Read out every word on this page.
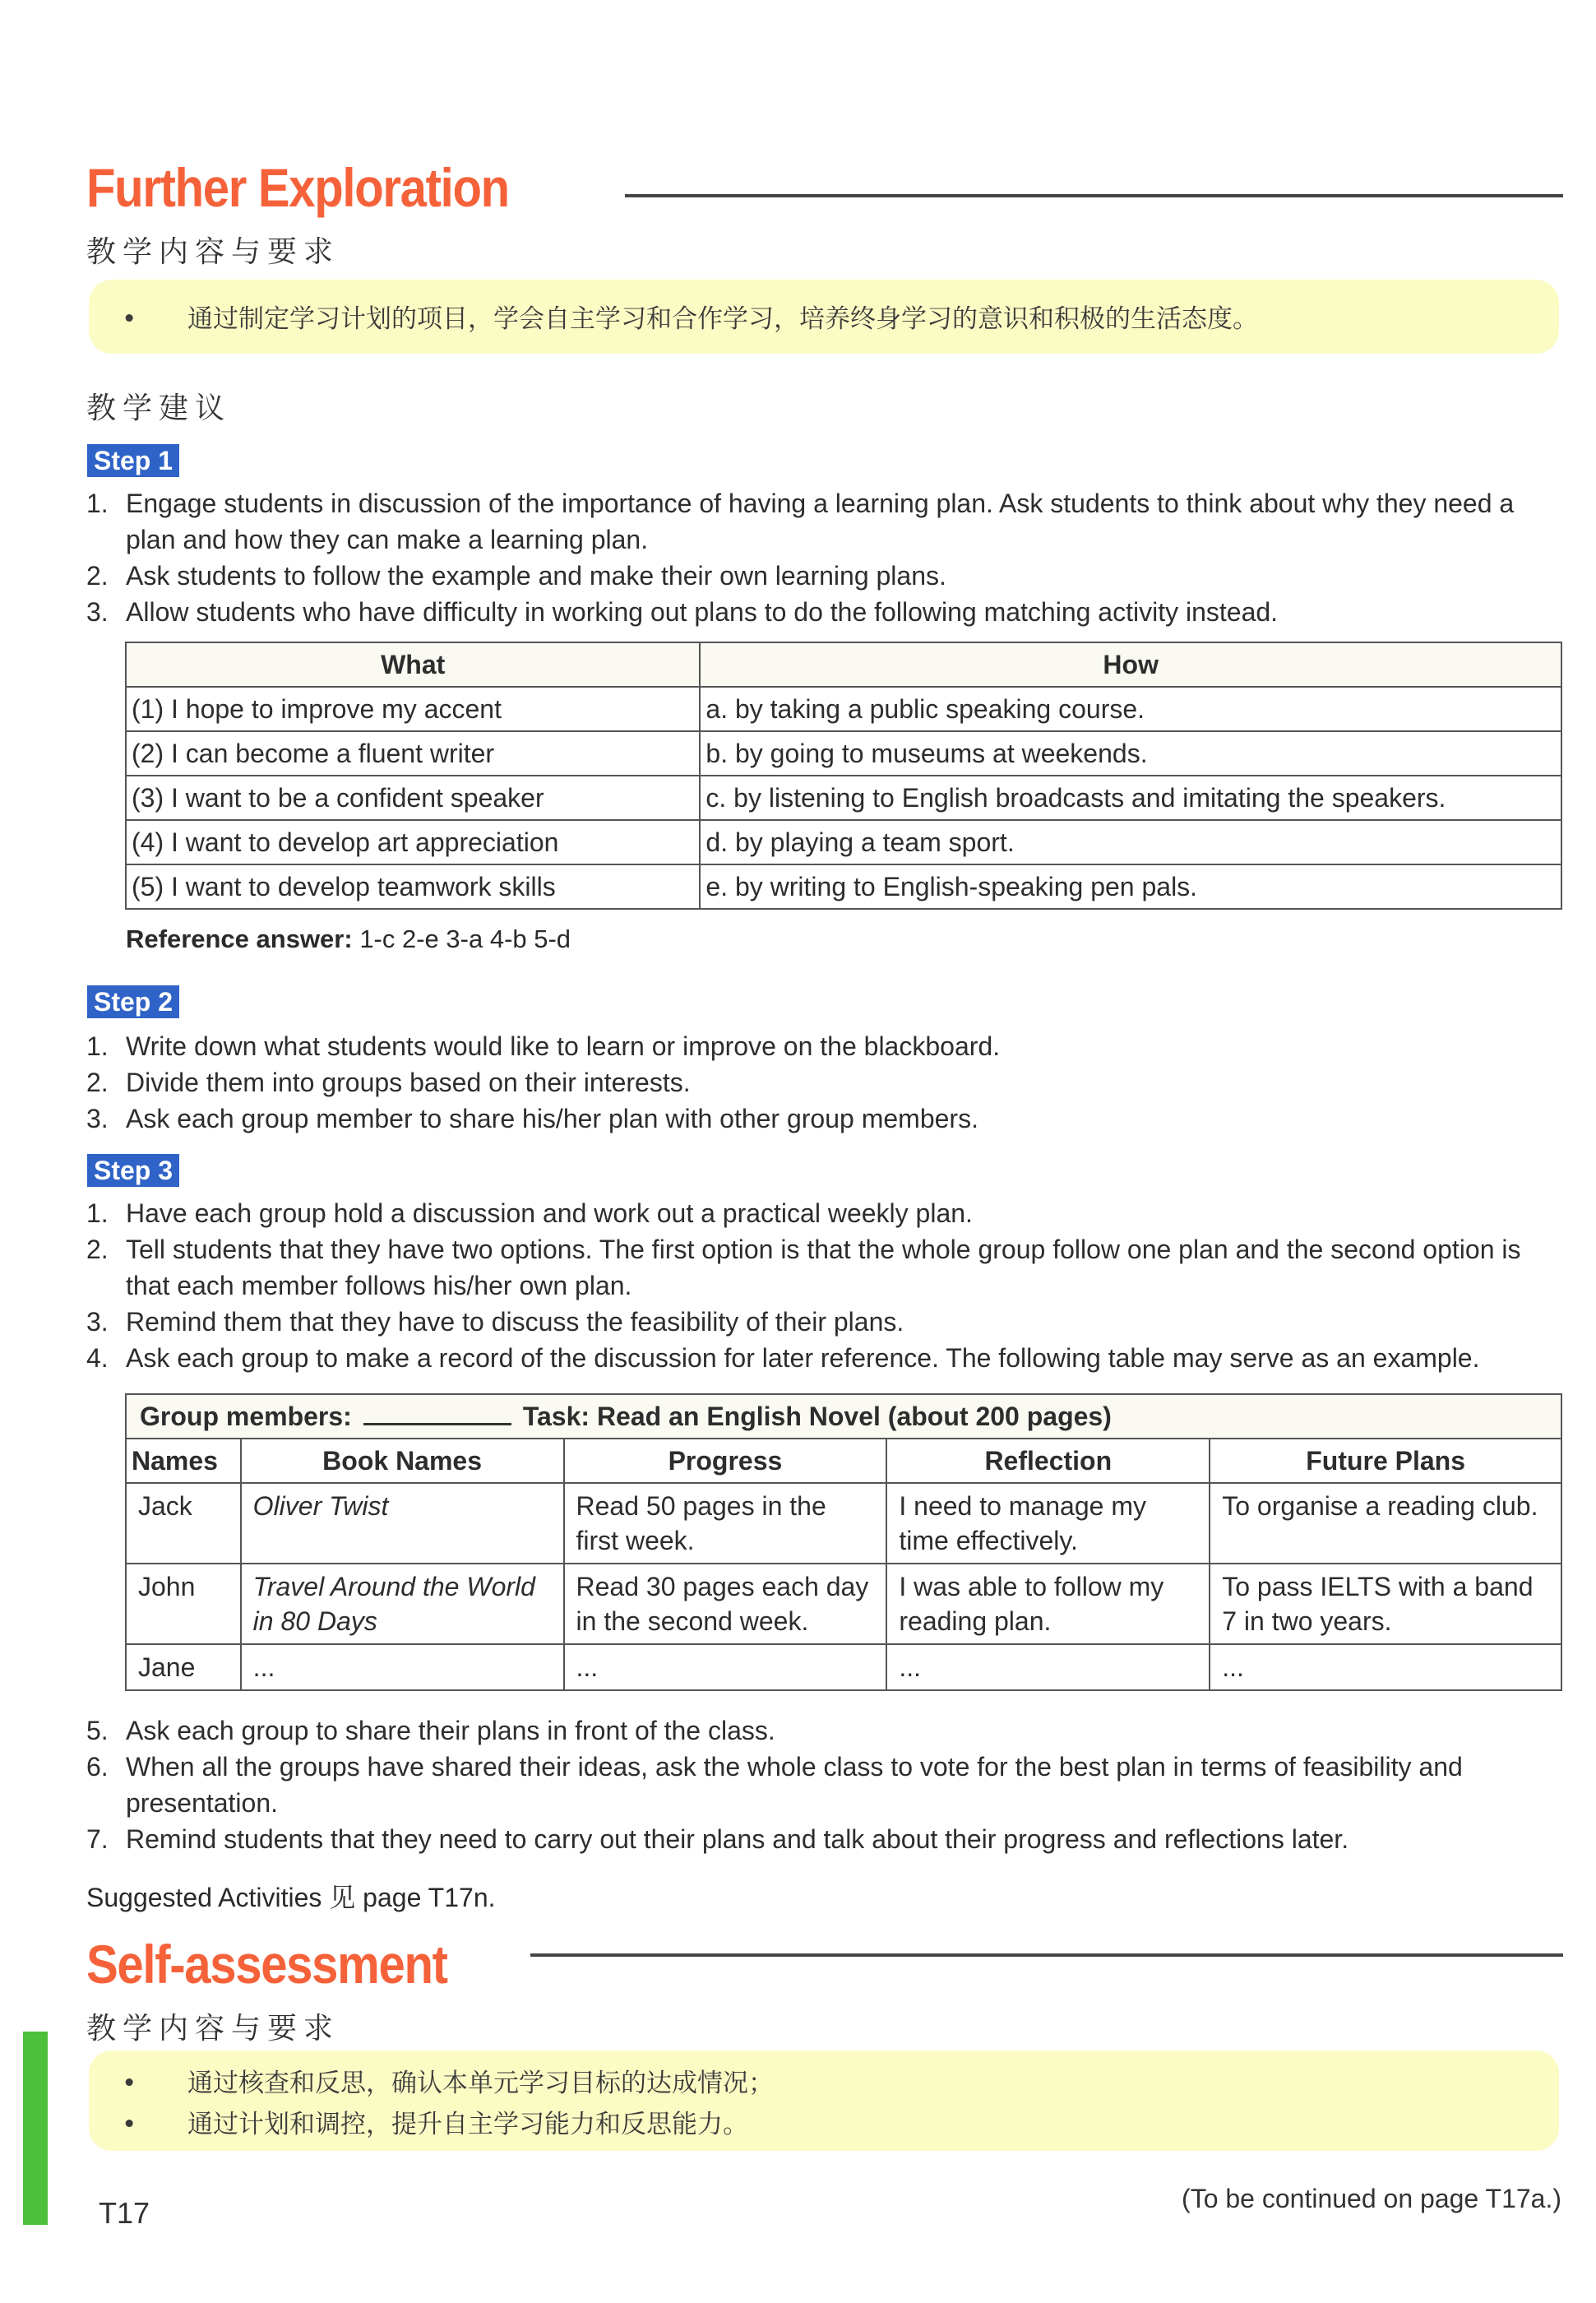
Further Exploration
教学内容与要求
• 通过制定学习计划的项目，学会自主学习和合作学习，培养终身学习的意识和积极的生活态度。
教学建议
Step 1
1. Engage students in discussion of the importance of having a learning plan. Ask students to think about why they need a plan and how they can make a learning plan.
2. Ask students to follow the example and make their own learning plans.
3. Allow students who have difficulty in working out plans to do the following matching activity instead.
What	How
(1) I hope to improve my accent	a. by taking a public speaking course.
(2) I can become a fluent writer	b. by going to museums at weekends.
(3) I want to be a confident speaker	c. by listening to English broadcasts and imitating the speakers.
(4) I want to develop art appreciation	d. by playing a team sport.
(5) I want to develop teamwork skills	e. by writing to English-speaking pen pals.
Reference answer: 1-c 2-e 3-a 4-b 5-d
Step 2
1. Write down what students would like to learn or improve on the blackboard.
2. Divide them into groups based on their interests.
3. Ask each group member to share his/her plan with other group members.
Step 3
1. Have each group hold a discussion and work out a practical weekly plan.
2. Tell students that they have two options. The first option is that the whole group follow one plan and the second option is that each member follows his/her own plan.
3. Remind them that they have to discuss the feasibility of their plans.
4. Ask each group to make a record of the discussion for later reference. The following table may serve as an example.
Group members: Task: Read an English Novel (about 200 pages)				
Names	Book Names	Progress	Reflection	Future Plans
Jack	Oliver Twist	Read 50 pages in the first week.	I need to manage my time effectively.	To organise a reading club.
John	Travel Around the World in 80 Days	Read 30 pages each day in the second week.	I was able to follow my reading plan.	To pass IELTS with a band 7 in two years.
Jane	...	...	...	...
5. Ask each group to share their plans in front of the class.
6. When all the groups have shared their ideas, ask the whole class to vote for the best plan in terms of feasibility and presentation.
7. Remind students that they need to carry out their plans and talk about their progress and reflections later.
Suggested Activities 见 page T17n.
Self-assessment
教学内容与要求
• 通过核查和反思，确认本单元学习目标的达成情况；
• 通过计划和调控，提升自主学习能力和反思能力。
T17	(To be continued on page T17a.)
